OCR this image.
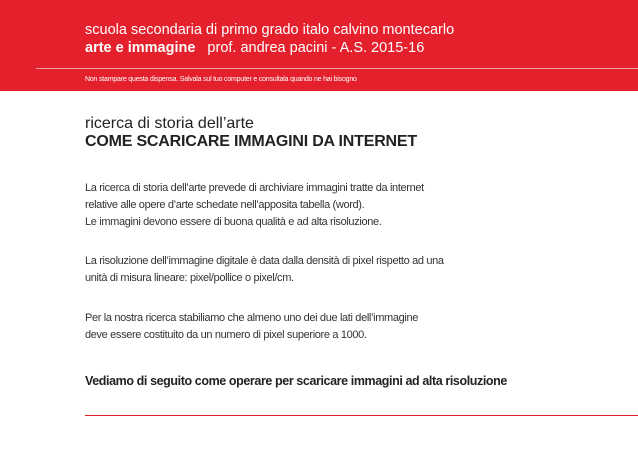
scuola secondaria di primo grado italo calvino montecarlo

arte e immagine prof. andrea pacini - A.S. 2015-16

Non stampare questa dispensa. Salvala sul tuo computer e consultala quando ne hai bisogno

ricerca di storia dell’arte

COME SCARICARE IMMAGINI DA INTERNET
La ricerca di storia dell’arte prevede di archiviare immagini tratte da internet
relative alle opere d’arte schedate nell’apposita tabella (word).
Le immagini devono essere di buona qualità e ad alta risoluzione.
La risoluzione dell’immagine digitale è data dalla densità di pixel rispetto ad una
unità di misura lineare: pixel/pollice o pixel/cm.
Per la nostra ricerca stabiliamo che almeno uno dei due lati dell’immagine
deve essere costituito da un numero di pixel superiore a 1000.

Vediamo di seguito come operare per scaricare immagini ad alta risoluzione
